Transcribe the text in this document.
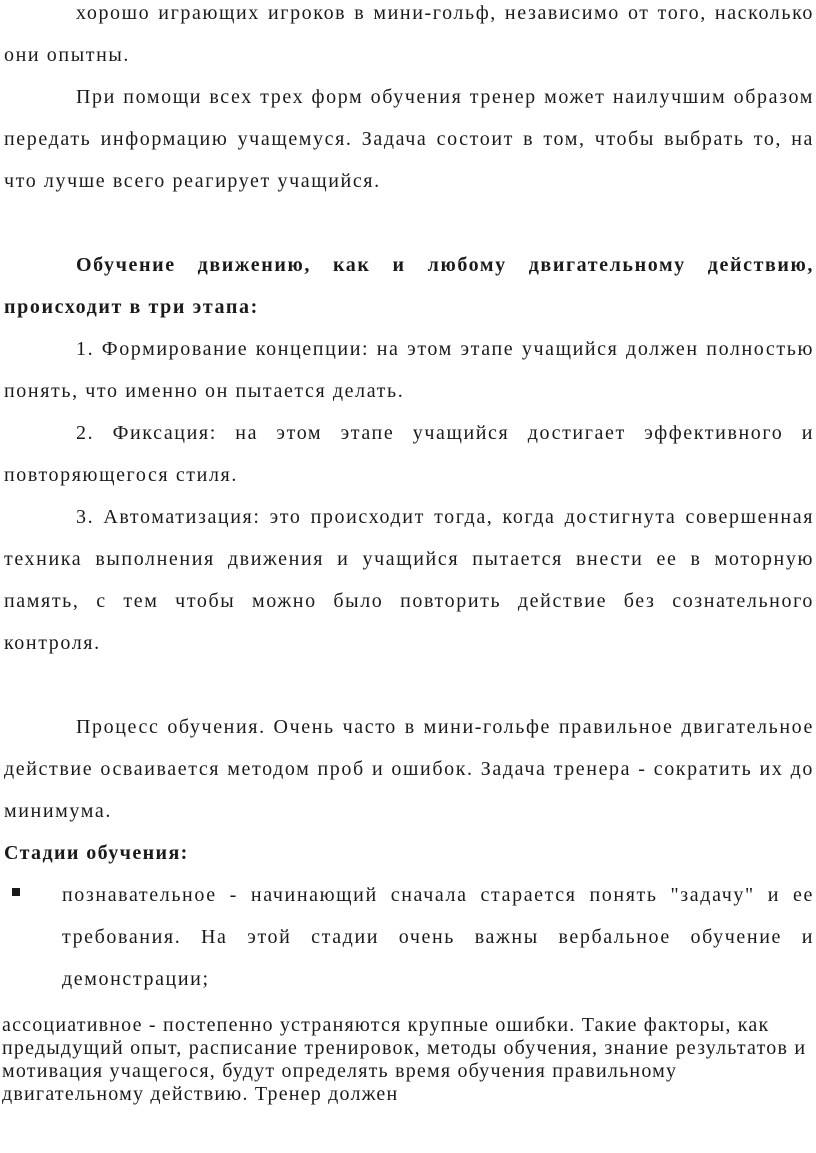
хорошо играющих игроков в мини-гольф, независимо от того, насколько они опытны.

При помощи всех трех форм обучения тренер может наилучшим образом передать информацию учащемуся. Задача состоит в том, чтобы выбрать то, на что лучше всего реагирует учащийся.

Обучение движению, как и любому двигательному действию, происходит в три этапа:

1. Формирование концепции: на этом этапе учащийся должен полностью понять, что именно он пытается делать.

2. Фиксация: на этом этапе учащийся достигает эффективного и повторяющегося стиля.

3. Автоматизация: это происходит тогда, когда достигнута совершенная техника выполнения движения и учащийся пытается внести ее в моторную память, с тем чтобы можно было повторить действие без сознательного контроля.

Процесс обучения. Очень часто в мини-гольфе правильное двигательное действие осваивается методом проб и ошибок. Задача тренера - сократить их до минимума.

Стадии обучения:

познавательное - начинающий сначала старается понять "задачу" и ее требования. На этой стадии очень важны вербальное обучение и демонстрации;

ассоциативное - постепенно устраняются крупные ошибки. Такие факторы, как предыдущий опыт, расписание тренировок, методы обучения, знание результатов и мотивация учащегося, будут определять время обучения правильному двигательному действию. Тренер должен
